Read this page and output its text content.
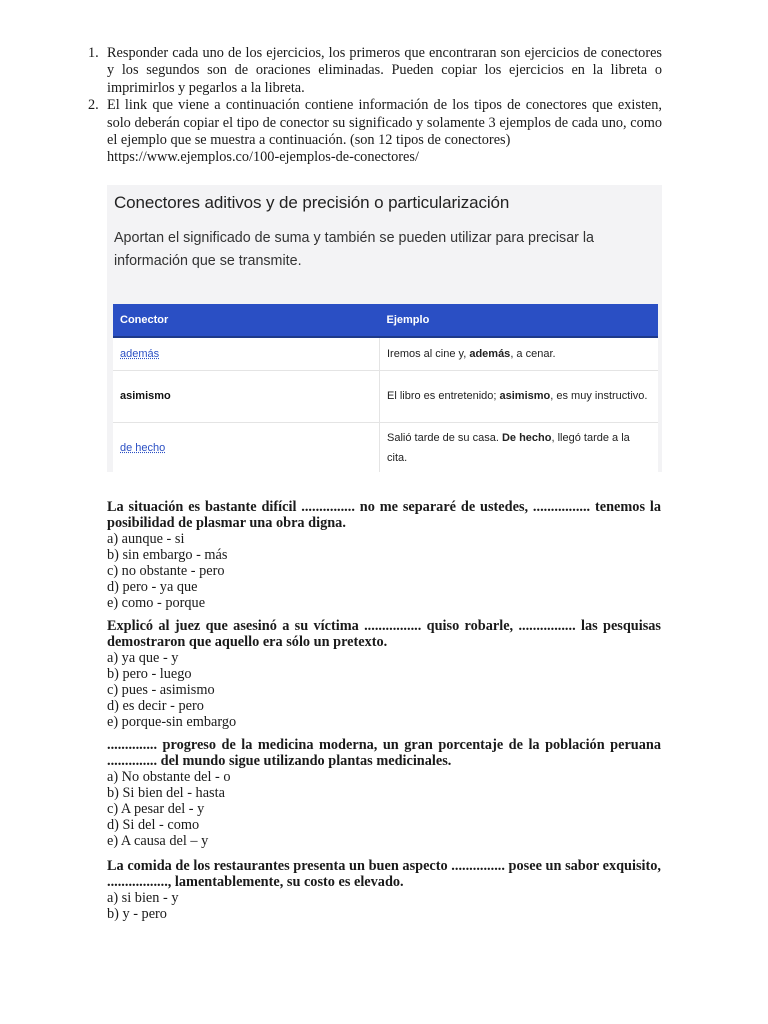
1. Responder cada uno de los ejercicios, los primeros que encontraran son ejercicios de conectores y los segundos son de oraciones eliminadas. Pueden copiar los ejercicios en la libreta o imprimirlos y pegarlos a la libreta.
2. El link que viene a continuación contiene información de los tipos de conectores que existen, solo deberán copiar el tipo de conector su significado y solamente 3 ejemplos de cada uno, como el ejemplo que se muestra a continuación. (son 12 tipos de conectores)
https://www.ejemplos.co/100-ejemplos-de-conectores/
Conectores aditivos y de precisión o particularización
Aportan el significado de suma y también se pueden utilizar para precisar la información que se transmite.
Conector	Ejemplo
además	Iremos al cine y, además, a cenar.
asimismo	El libro es entretenido; asimismo, es muy instructivo.
de hecho	Salió tarde de su casa. De hecho, llegó tarde a la cita.

La situación es bastante difícil ............... no me separaré de ustedes, ................ tenemos la posibilidad de plasmar una obra digna.

a) aunque - si
b) sin embargo - más
c) no obstante - pero
d) pero - ya que
e) como - porque

Explicó al juez que asesinó a su víctima ................ quiso robarle, ................ las pesquisas demostraron que aquello era sólo un pretexto.

a) ya que - y
b) pero - luego
c) pues - asimismo
d) es decir - pero
e) porque-sin embargo

.............. progreso de la medicina moderna, un gran porcentaje de la población peruana .............. del mundo sigue utilizando plantas medicinales.

a) No obstante del - o
b) Si bien del - hasta
c) A pesar del - y
d) Si del - como
e) A causa del – y

La comida de los restaurantes presenta un buen aspecto ............... posee un sabor exquisito, ................., lamentablemente, su costo es elevado.

a) si bien - y
b) y - pero
